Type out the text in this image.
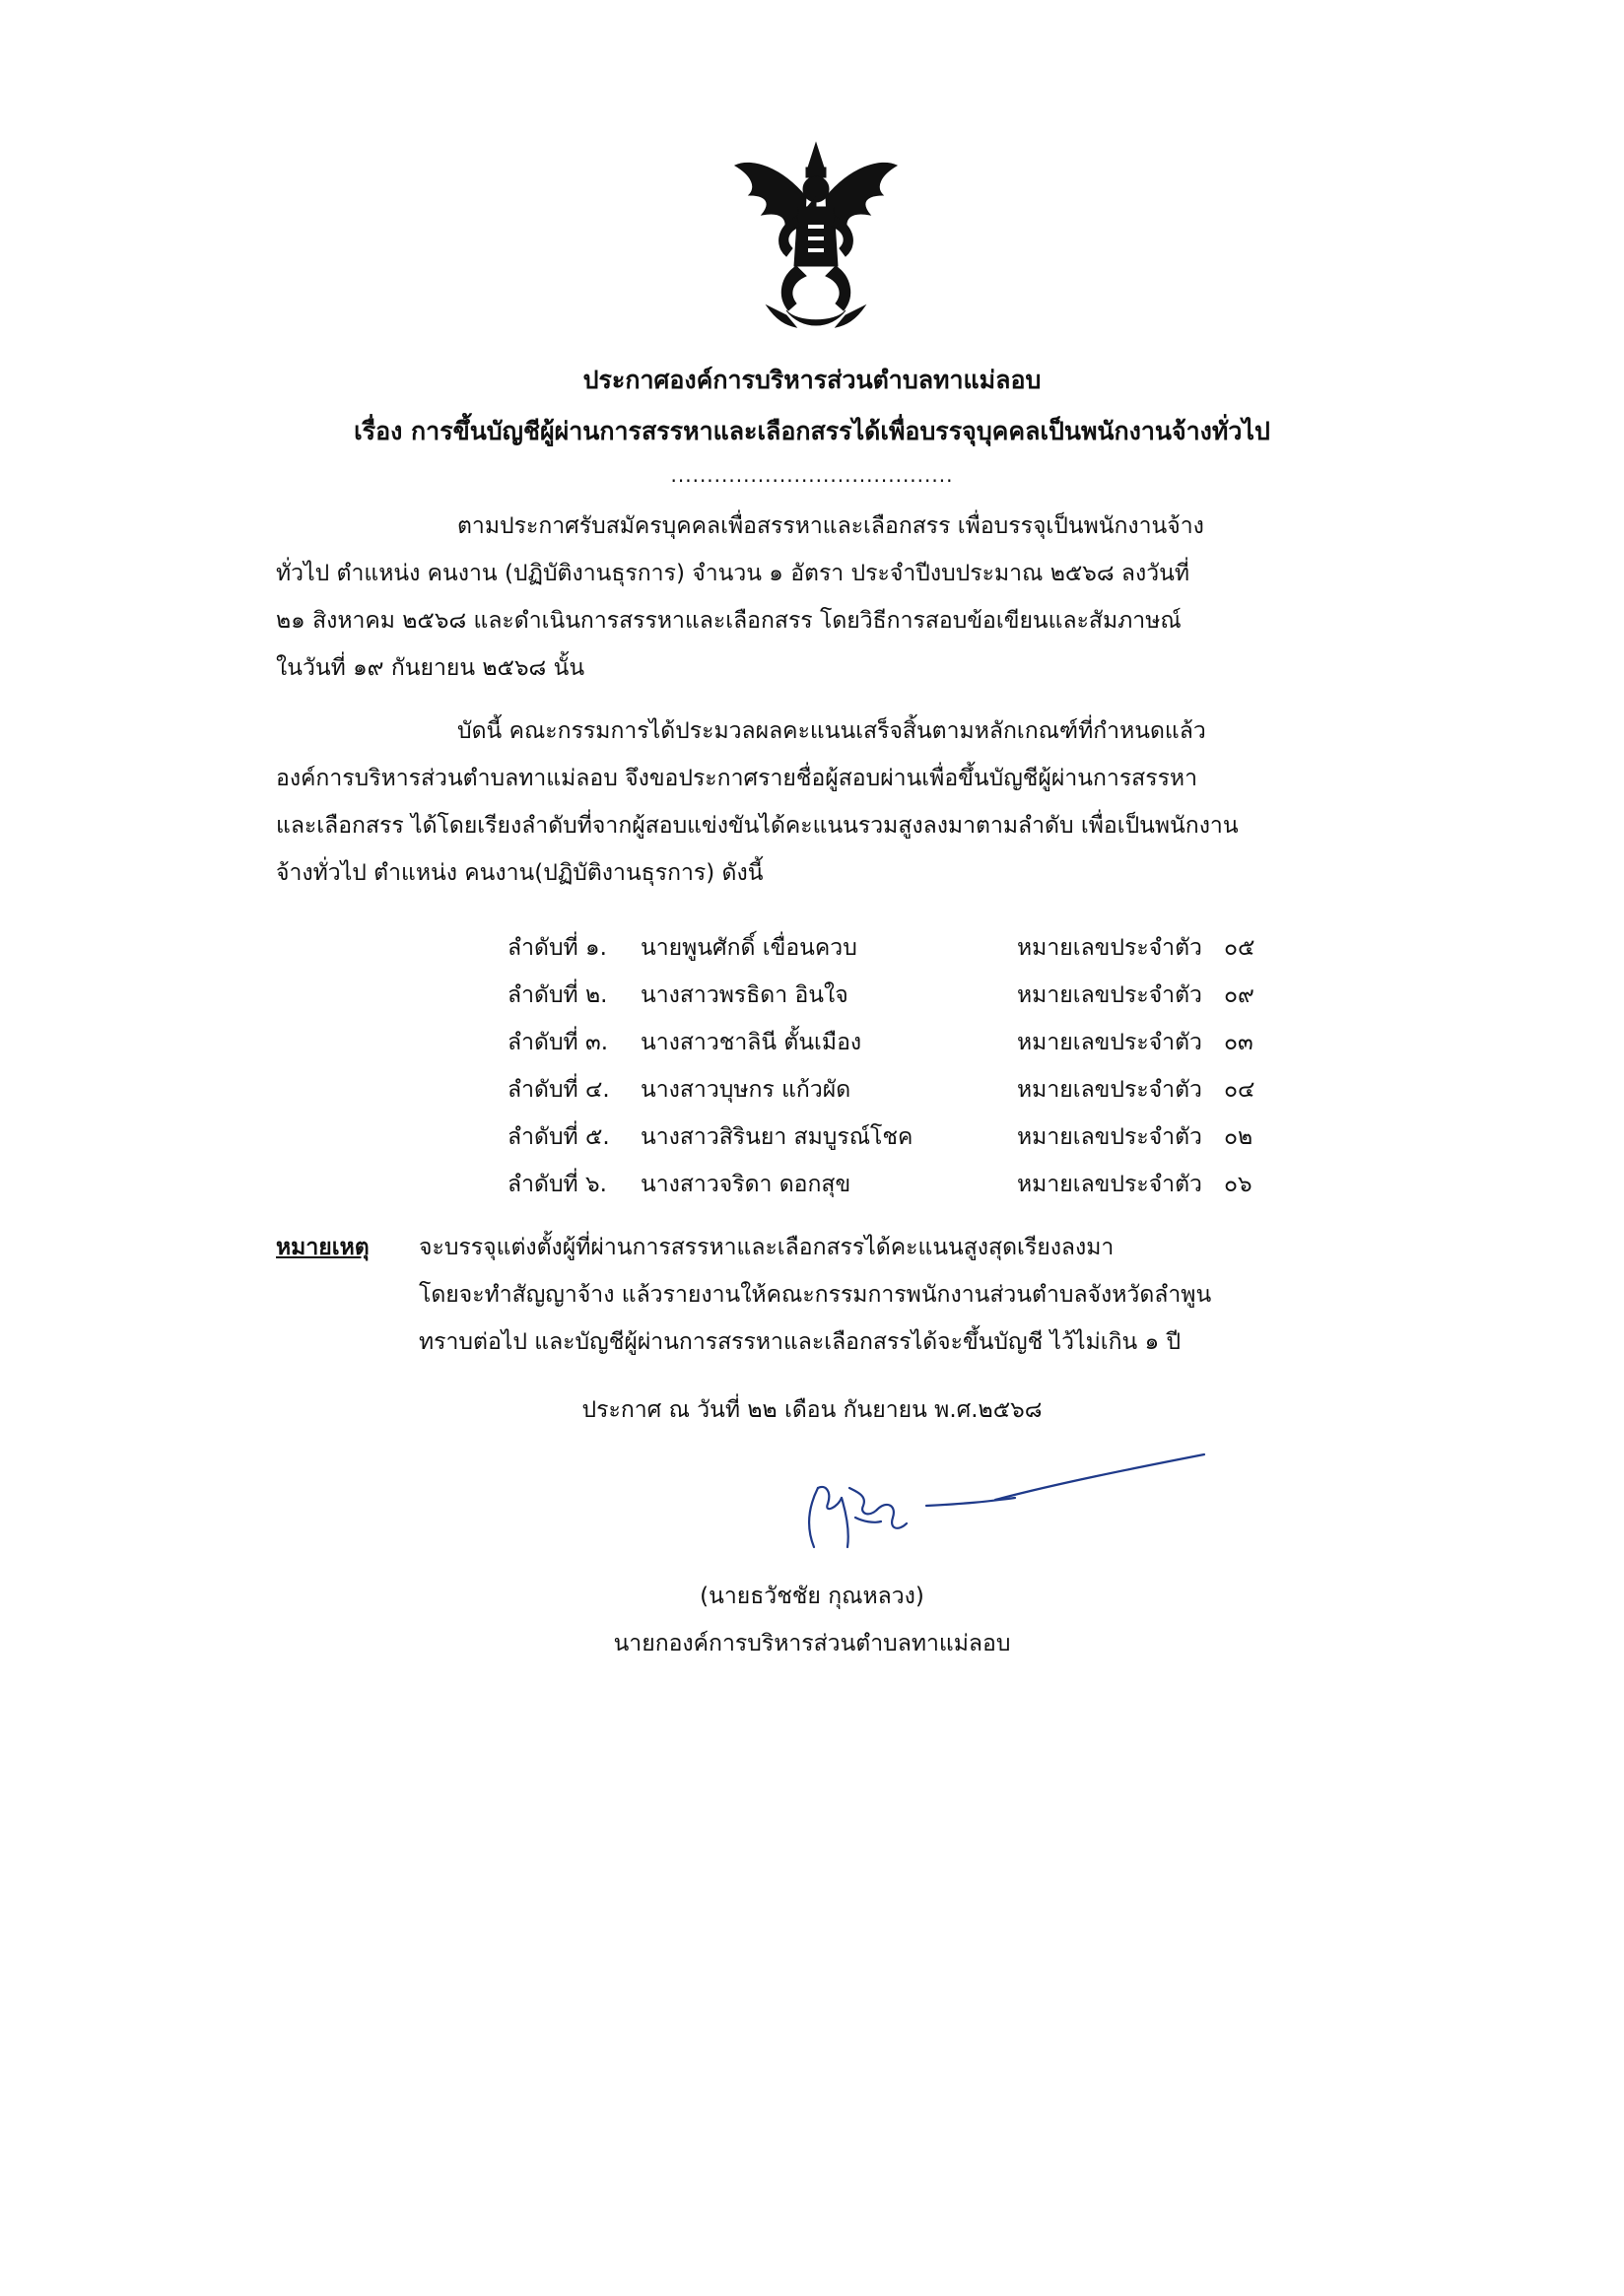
ประกาศองค์การบริหารส่วนตำบลทาแม่ลอบ
เรื่อง การขึ้นบัญชีผู้ผ่านการสรรหาและเลือกสรรได้เพื่อบรรจุบุคคลเป็นพนักงานจ้างทั่วไป
.......................................

ตามประกาศรับสมัครบุคคลเพื่อสรรหาและเลือกสรร เพื่อบรรจุเป็นพนักงานจ้าง

ทั่วไป ตำแหน่ง คนงาน (ปฏิบัติงานธุรการ) จำนวน ๑ อัตรา ประจำปีงบประมาณ ๒๕๖๘ ลงวันที่

๒๑ สิงหาคม ๒๕๖๘ และดำเนินการสรรหาและเลือกสรร โดยวิธีการสอบข้อเขียนและสัมภาษณ์

ในวันที่ ๑๙ กันยายน ๒๕๖๘ นั้น

บัดนี้ คณะกรรมการได้ประมวลผลคะแนนเสร็จสิ้นตามหลักเกณฑ์ที่กำหนดแล้ว

องค์การบริหารส่วนตำบลทาแม่ลอบ จึงขอประกาศรายชื่อผู้สอบผ่านเพื่อขึ้นบัญชีผู้ผ่านการสรรหา

และเลือกสรร ได้โดยเรียงลำดับที่จากผู้สอบแข่งขันได้คะแนนรวมสูงลงมาตามลำดับ เพื่อเป็นพนักงาน

จ้างทั่วไป ตำแหน่ง คนงาน(ปฏิบัติงานธุรการ) ดังนี้

ลำดับที่ ๑.	นายพูนศักดิ์ เขื่อนควบ	หมายเลขประจำตัว ๐๕
ลำดับที่ ๒.	นางสาวพรธิดา อินใจ	หมายเลขประจำตัว ๐๙
ลำดับที่ ๓.	นางสาวชาลินี ตั้นเมือง	หมายเลขประจำตัว ๐๓
ลำดับที่ ๔.	นางสาวบุษกร แก้วผัด	หมายเลขประจำตัว ๐๔
ลำดับที่ ๕.	นางสาวสิรินยา สมบูรณ์โชค	หมายเลขประจำตัว ๐๒
ลำดับที่ ๖.	นางสาวจริดา ดอกสุข	หมายเลขประจำตัว ๐๖
หมายเหตุ จะบรรจุแต่งตั้งผู้ที่ผ่านการสรรหาและเลือกสรรได้คะแนนสูงสุดเรียงลงมา

โดยจะทำสัญญาจ้าง แล้วรายงานให้คณะกรรมการพนักงานส่วนตำบลจังหวัดลำพูน

ทราบต่อไป และบัญชีผู้ผ่านการสรรหาและเลือกสรรได้จะขึ้นบัญชี ไว้ไม่เกิน ๑ ปี

ประกาศ ณ วันที่ ๒๒ เดือน กันยายน พ.ศ.๒๕๖๘
(นายธวัชชัย กุณหลวง)
นายกองค์การบริหารส่วนตำบลทาแม่ลอบ
